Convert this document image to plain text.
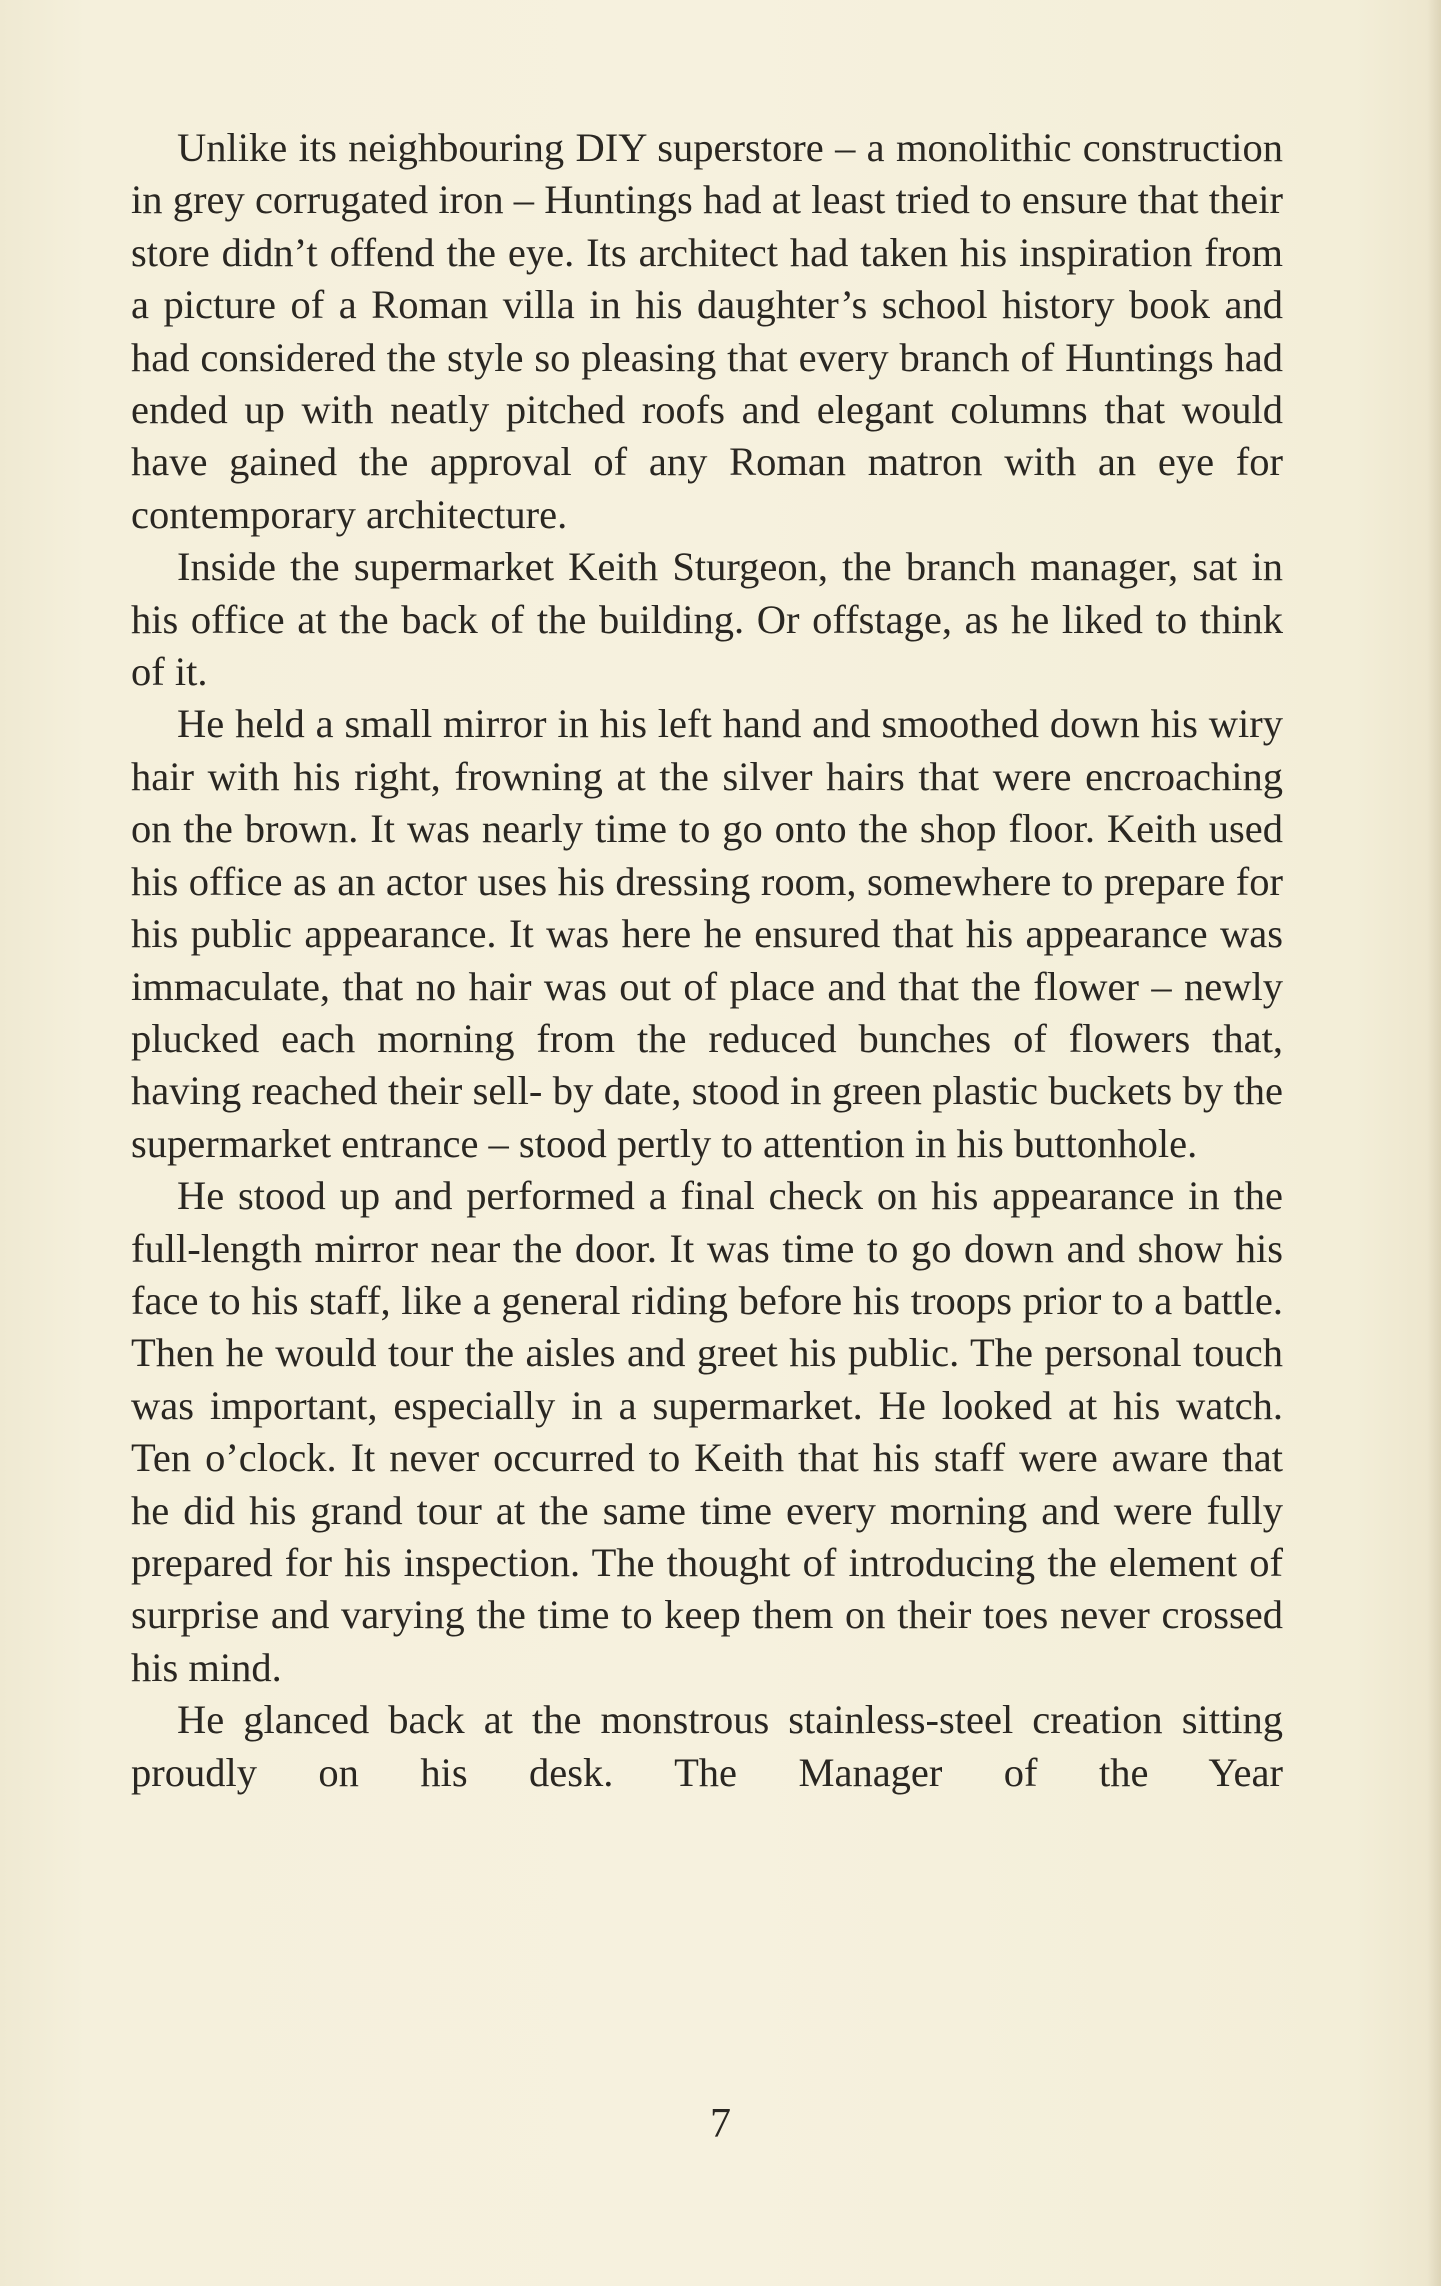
Unlike its neighbouring DIY superstore – a monolithic construction in grey corrugated iron – Huntings had at least tried to ensure that their store didn’t offend the eye. Its architect had taken his inspiration from a picture of a Roman villa in his daughter’s school history book and had considered the style so pleasing that every branch of Huntings had ended up with neatly pitched roofs and elegant columns that would have gained the approval of any Roman matron with an eye for contemporary architecture.

Inside the supermarket Keith Sturgeon, the branch manager, sat in his office at the back of the building. Or offstage, as he liked to think of it.

He held a small mirror in his left hand and smoothed down his wiry hair with his right, frowning at the silver hairs that were encroaching on the brown. It was nearly time to go onto the shop floor. Keith used his office as an actor uses his dressing room, somewhere to prepare for his public appearance. It was here he ensured that his appearance was immaculate, that no hair was out of place and that the flower – newly plucked each morning from the reduced bunches of flowers that, having reached their sell- by date, stood in green plastic buckets by the supermarket entrance – stood pertly to attention in his buttonhole.

He stood up and performed a final check on his appearance in the full-length mirror near the door. It was time to go down and show his face to his staff, like a general riding before his troops prior to a battle. Then he would tour the aisles and greet his public. The personal touch was important, especially in a supermarket. He looked at his watch. Ten o’clock. It never occurred to Keith that his staff were aware that he did his grand tour at the same time every morning and were fully prepared for his inspection. The thought of introducing the element of surprise and varying the time to keep them on their toes never crossed his mind.

He glanced back at the monstrous stainless-steel creation sitting proudly on his desk. The Manager of the Year

7
